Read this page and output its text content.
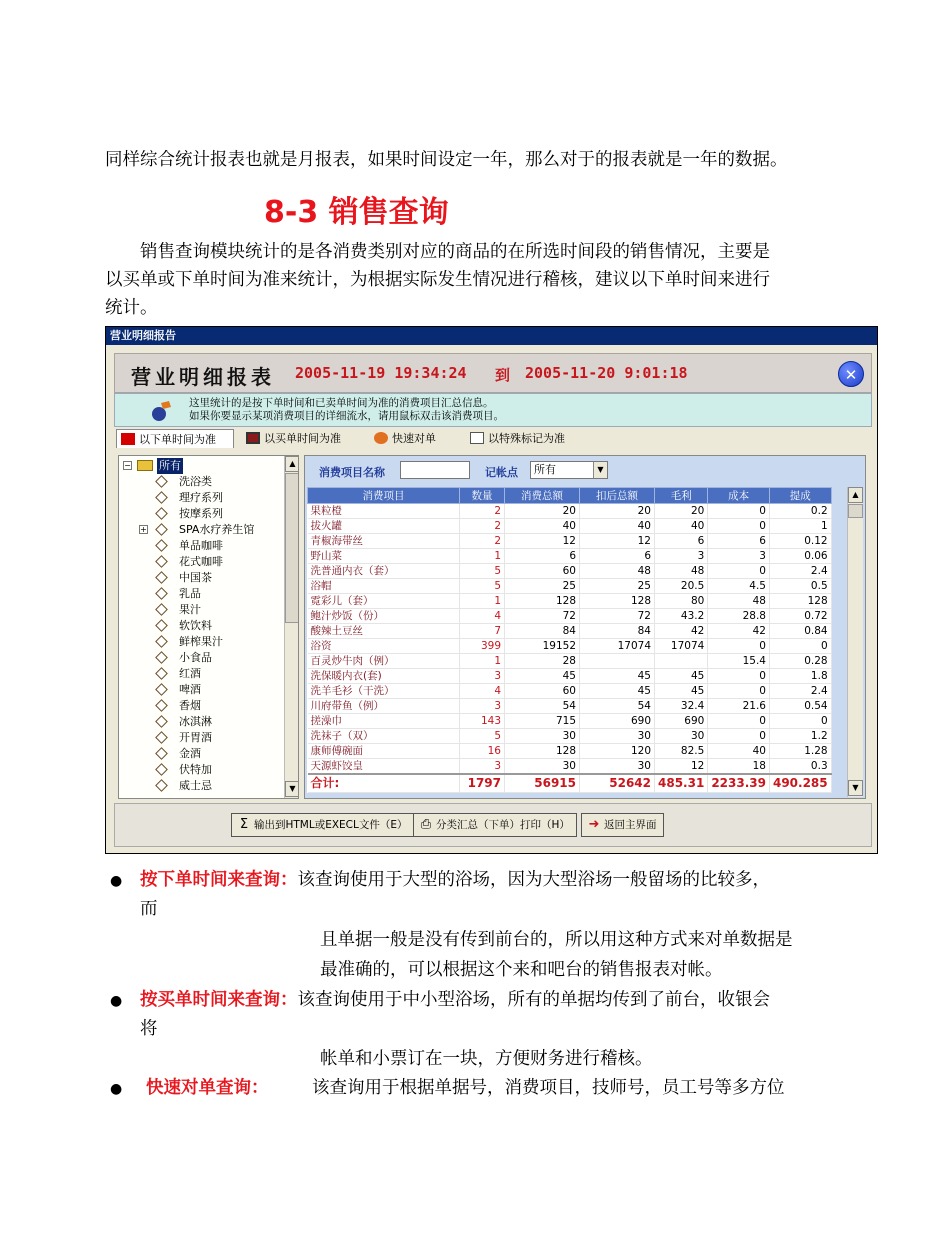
同样综合统计报表也就是月报表，如果时间设定一年，那么对于的报表就是一年的数据。
8-3 销售查询
销售查询模块统计的是各消费类别对应的商品的在所选时间段的销售情况，主要是
以买单或下单时间为准来统计，为根据实际发生情况进行稽核，建议以下单时间来进行
统计。
营业明细报告
营业明细报表 2005-11-19 19:34:24 到 2005-11-20 9:01:18	✕
这里统计的是按下单时间和已卖单时间为准的消费项目汇总信息。
如果你要显示某项消费项目的详细流水，请用鼠标双击该消费项目。
以下单时间为准	以买单时间为准	快速对单	以特殊标记为准
−	所有
洗浴类
理疗系列
按摩系列
+	SPA水疗养生馆
单品咖啡
花式咖啡
中国茶
乳品
果汁
软饮料
鲜榨果汁
小食品
红酒
啤酒
香烟
冰淇淋
开胃酒
金酒
伏特加
威士忌
▲
▼
消费项目名称	记帐点	所有	▼
消费项目	数量	消费总额	扣后总额	毛利	成本	提成
果粒橙	2	20	20	20	0	0.2
拔火罐	2	40	40	40	0	1
青椒海带丝	2	12	12	6	6	0.12
野山菜	1	6	6	3	3	0.06
洗普通内衣（套）	5	60	48	48	0	2.4
浴帽	5	25	25	20.5	4.5	0.5
霓彩儿（套）	1	128	128	80	48	128
鲍汁炒饭（份）	4	72	72	43.2	28.8	0.72
酸辣土豆丝	7	84	84	42	42	0.84
浴资	399	19152	17074	17074	0	0
百灵炒牛肉（例）	1	28			15.4	0.28
洗保暖内衣(套)	3	45	45	45	0	1.8
洗羊毛衫（干洗）	4	60	45	45	0	2.4
川府带鱼（例）	3	54	54	32.4	21.6	0.54
搓澡巾	143	715	690	690	0	0
洗袜子（双）	5	30	30	30	0	1.2
康师傅碗面	16	128	120	82.5	40	1.28
天源虾饺皇	3	30	30	12	18	0.3
合计:	1797	56915	52642	485.31	2233.39	490.285
▲
▼
Σ 输出到HTML或EXECL文件（E）	⎙ 分类汇总（下单）打印（H）	➜ 返回主界面
● 按下单时间来查询：该查询使用于大型的浴场，因为大型浴场一般留场的比较多，
而
且单据一般是没有传到前台的，所以用这种方式来对单数据是
最准确的，可以根据这个来和吧台的销售报表对帐。
● 按买单时间来查询：该查询使用于中小型浴场，所有的单据均传到了前台，收银会
将
帐单和小票订在一块，方便财务进行稽核。
● 快速对单查询： 该查询用于根据单据号，消费项目，技师号，员工号等多方位
